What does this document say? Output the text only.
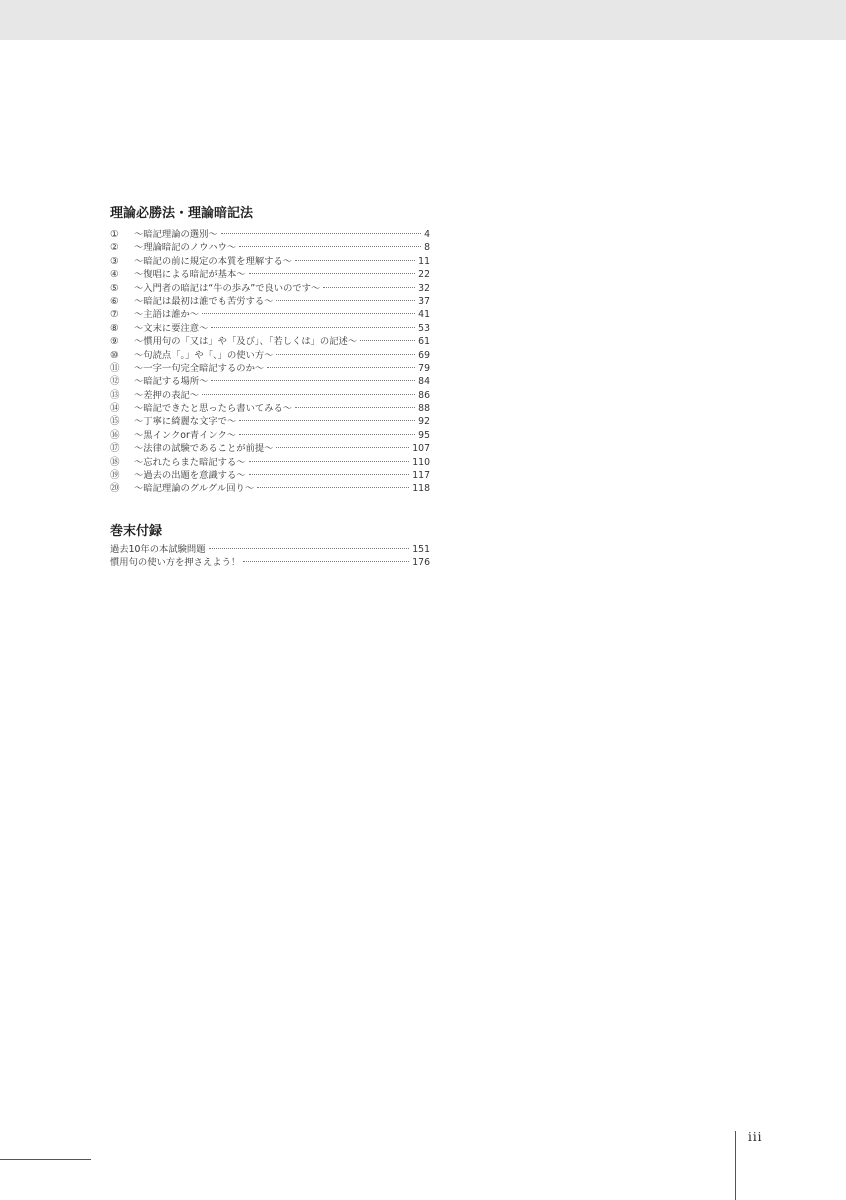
理論必勝法・理論暗記法
①	〜暗記理論の選別〜	4
②	〜理論暗記のノウハウ〜	8
③	〜暗記の前に規定の本質を理解する〜	11
④	〜復唱による暗記が基本〜	22
⑤	〜入門者の暗記は“牛の歩み”で良いのです〜	32
⑥	〜暗記は最初は誰でも苦労する〜	37
⑦	〜主語は誰か〜	41
⑧	〜文末に要注意〜	53
⑨	〜慣用句の「又は」や「及び」、「若しくは」の記述〜	61
⑩	〜句読点「。」や「、」の使い方〜	69
⑪	〜一字一句完全暗記するのか〜	79
⑫	〜暗記する場所〜	84
⑬	〜差押の表記〜	86
⑭	〜暗記できたと思ったら書いてみる〜	88
⑮	〜丁寧に綺麗な文字で〜	92
⑯	〜黒インクor青インク〜	95
⑰	〜法律の試験であることが前提〜	107
⑱	〜忘れたらまた暗記する〜	110
⑲	〜過去の出題を意識する〜	117
⑳	〜暗記理論のグルグル回り〜	118
巻末付録
過去10年の本試験問題	151
慣用句の使い方を押さえよう！	176
iii
